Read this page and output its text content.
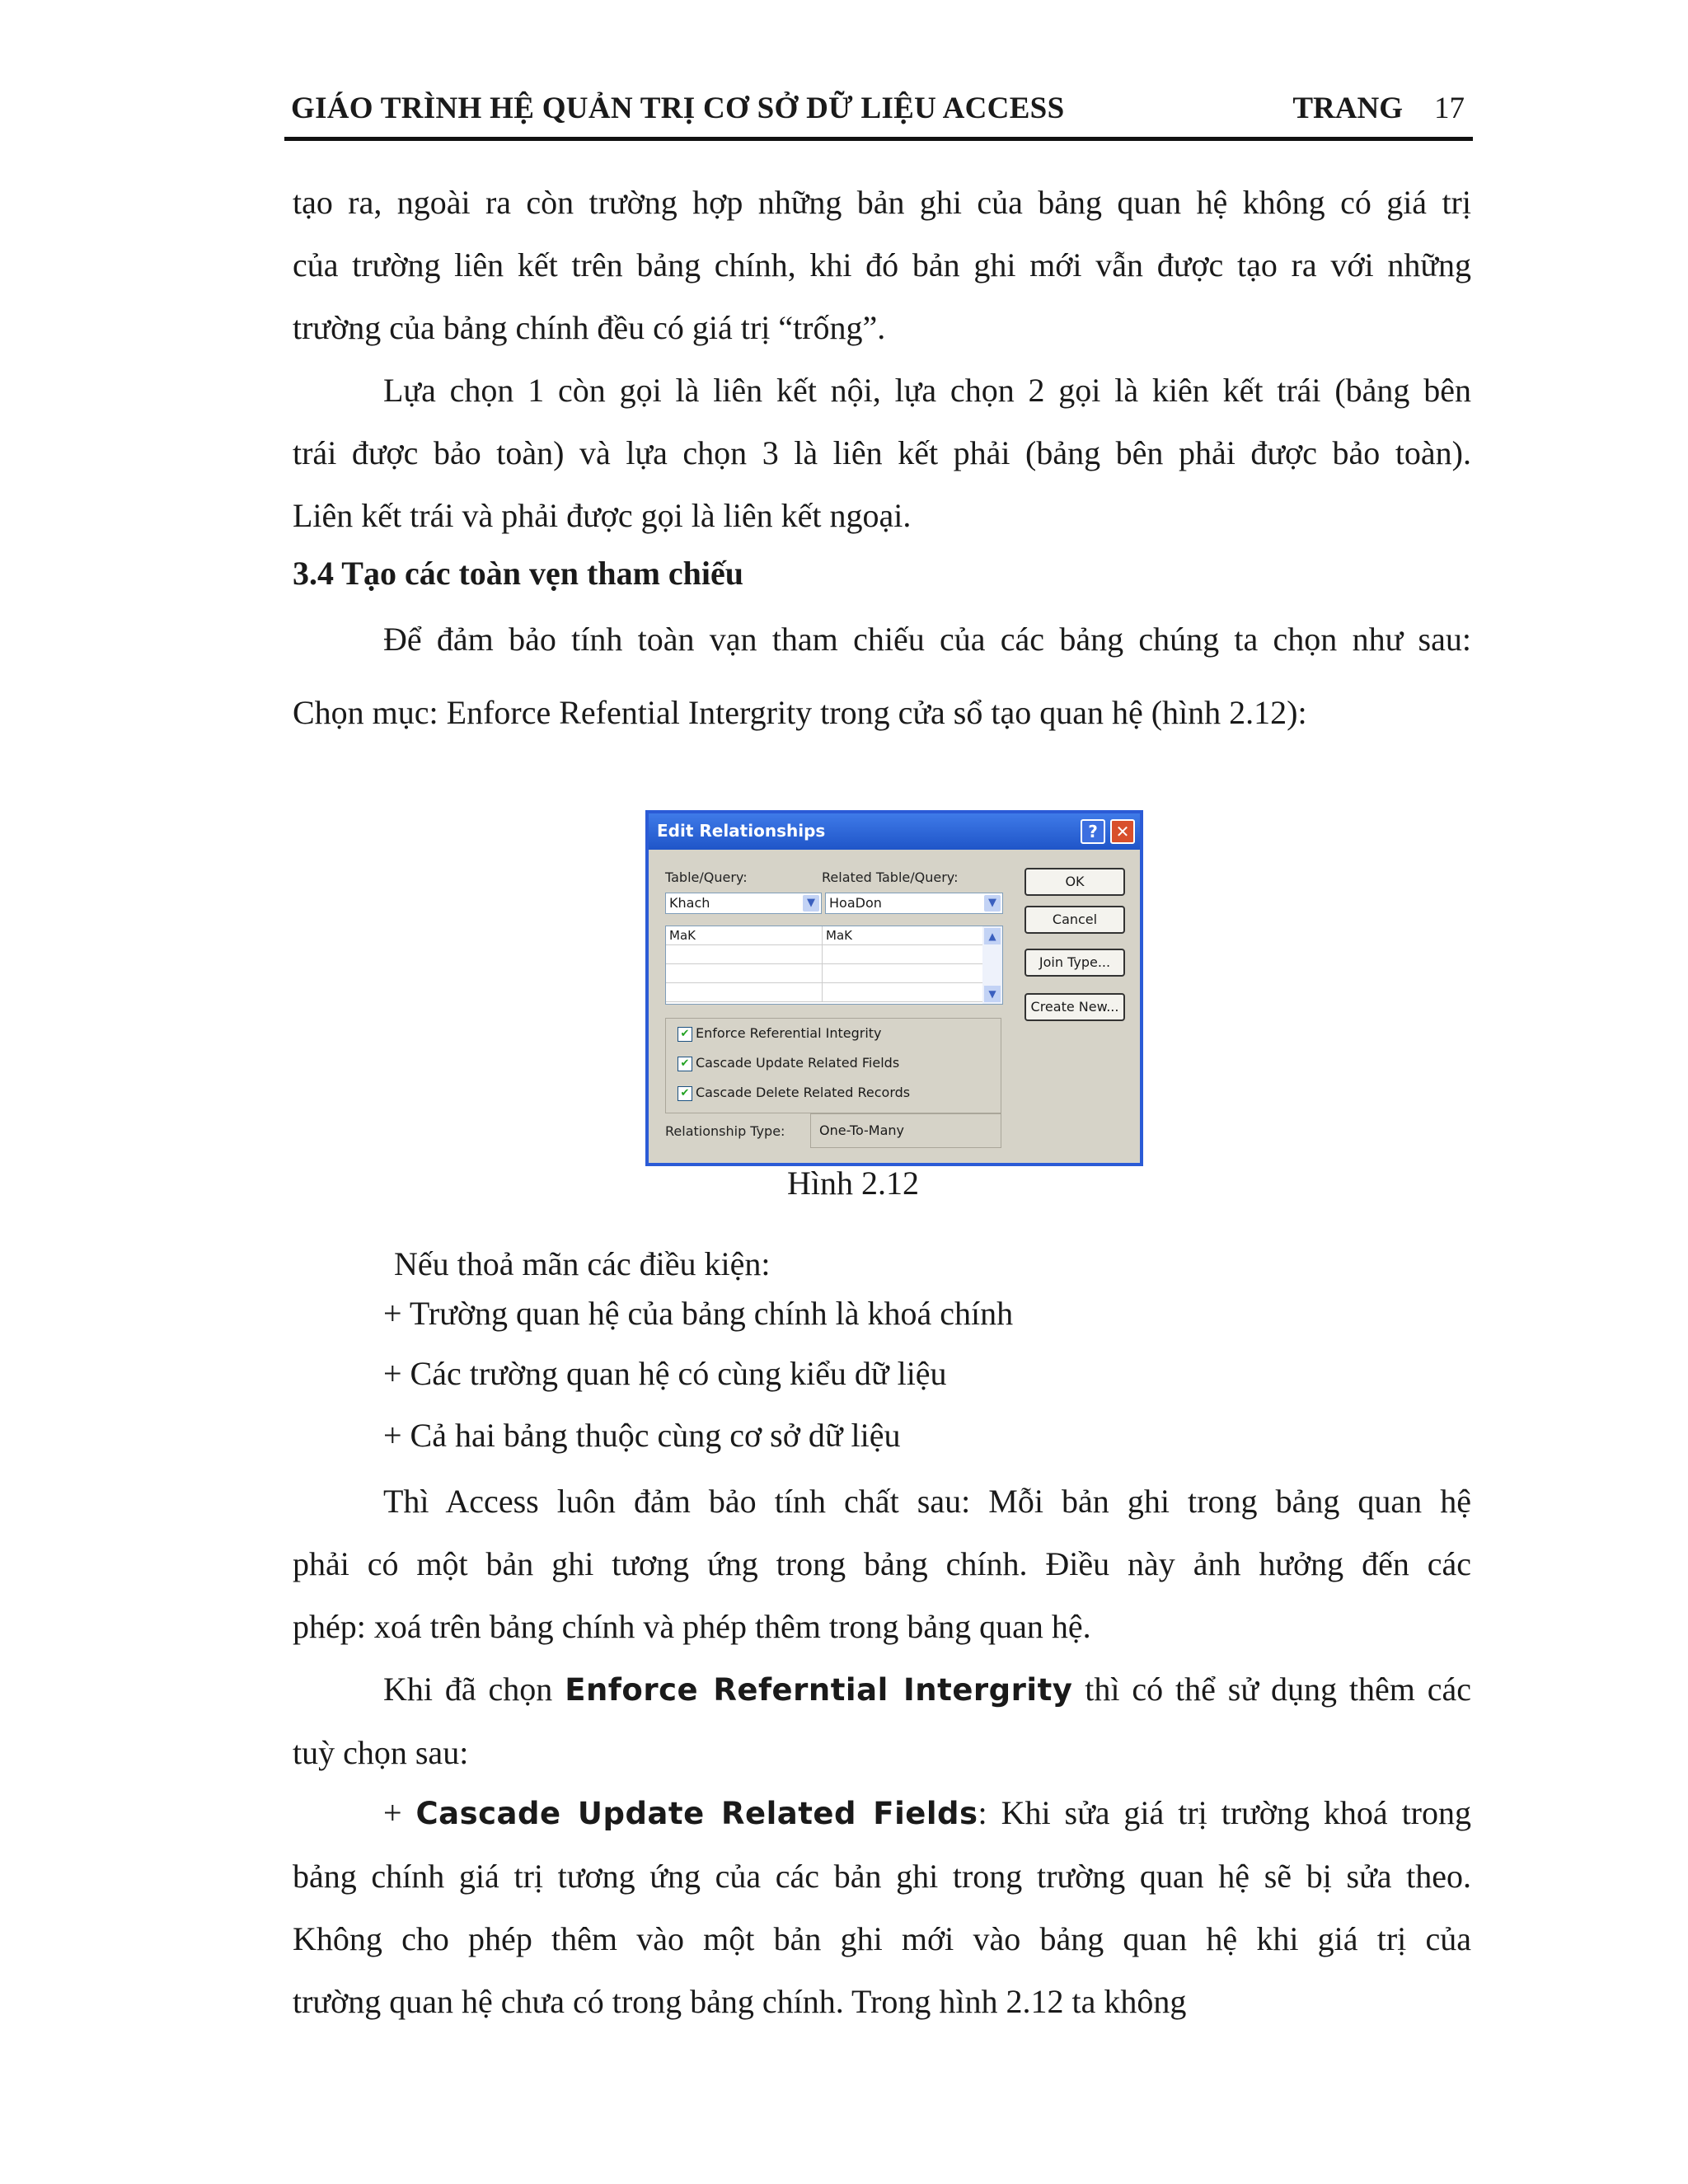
GIÁO TRÌNH HỆ QUẢN TRỊ CƠ SỞ DỮ LIỆU ACCESS	TRANG 17
tạo ra, ngoài ra còn trường hợp những bản ghi của bảng quan hệ không có giá trị
của trường liên kết trên bảng chính, khi đó bản ghi mới vẫn được tạo ra với những
trường của bảng chính đều có giá trị “trống”.
Lựa chọn 1 còn gọi là liên kết nội, lựa chọn 2 gọi là kiên kết trái (bảng bên
trái được bảo toàn) và lựa chọn 3 là liên kết phải (bảng bên phải được bảo toàn).
Liên kết trái và phải được gọi là liên kết ngoại.
3.4 Tạo các toàn vẹn tham chiếu
Để đảm bảo tính toàn vạn tham chiếu của các bảng chúng ta chọn như sau:
Chọn mục: Enforce Refential Intergrity trong cửa sổ tạo quan hệ (hình 2.12):
Edit Relationships	?	✕
Table/Query:	Related Table/Query:
Khach	▼	HoaDon	▼
MaK	MaK	▲
▼
OK
Cancel
Join Type...
Create New...
✔ Enforce Referential Integrity
✔ Cascade Update Related Fields
✔ Cascade Delete Related Records
Relationship Type:	One-To-Many
Hình 2.12
Nếu thoả mãn các điều kiện:
+ Trường quan hệ của bảng chính là khoá chính
+ Các trường quan hệ có cùng kiểu dữ liệu
+ Cả hai bảng thuộc cùng cơ sở dữ liệu
Thì Access luôn đảm bảo tính chất sau: Mỗi bản ghi trong bảng quan hệ
phải có một bản ghi tương ứng trong bảng chính. Điều này ảnh hưởng đến các
phép: xoá trên bảng chính và phép thêm trong bảng quan hệ.
Khi đã chọn Enforce Referntial Intergrity thì có thể sử dụng thêm các
tuỳ chọn sau:
+ Cascade Update Related Fields: Khi sửa giá trị trường khoá trong
bảng chính giá trị tương ứng của các bản ghi trong trường quan hệ sẽ bị sửa theo.
Không cho phép thêm vào một bản ghi mới vào bảng quan hệ khi giá trị của
trường quan hệ chưa có trong bảng chính. Trong hình 2.12 ta không
